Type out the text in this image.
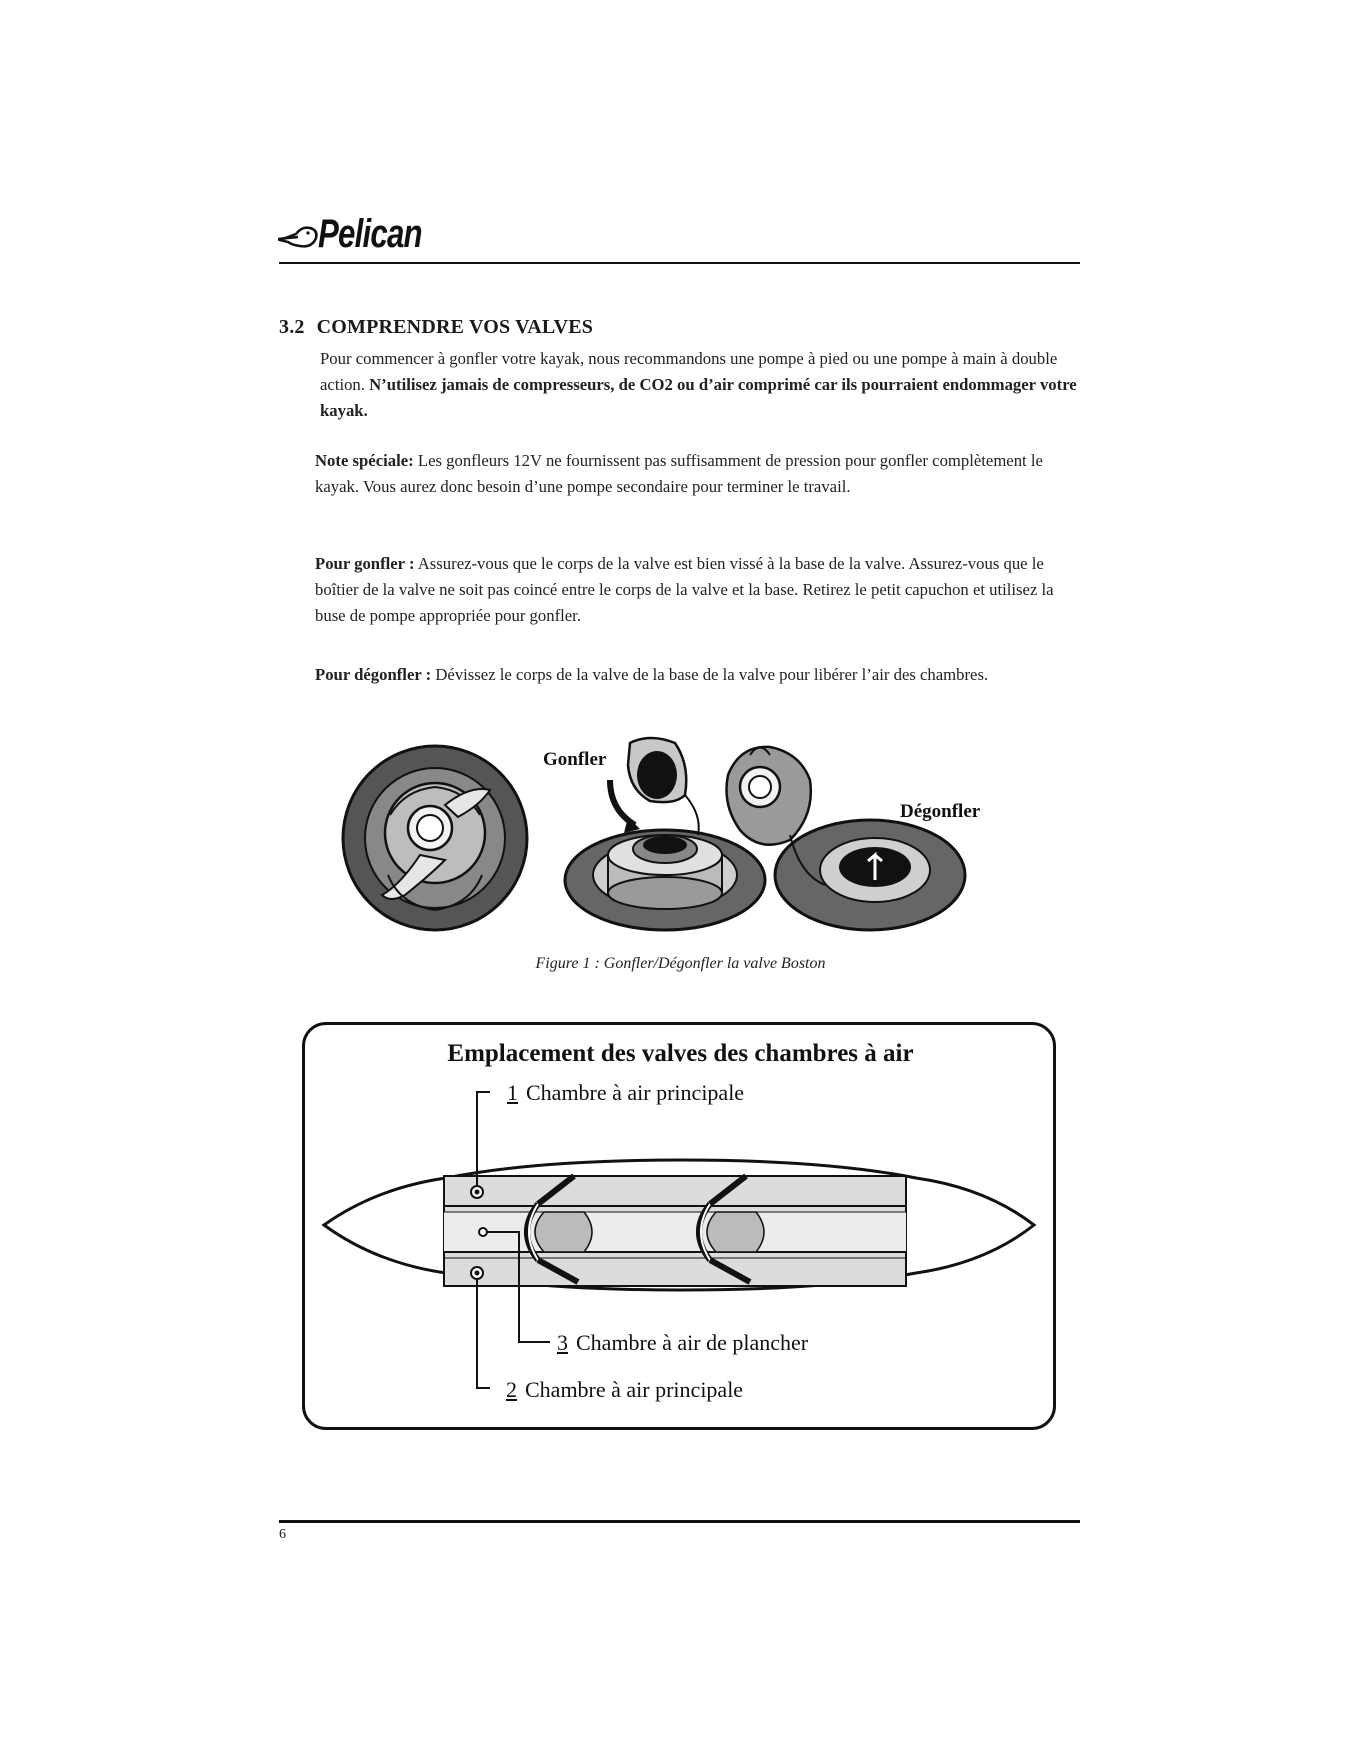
Pelican
3.2 COMPRENDRE VOS VALVES
Pour commencer à gonfler votre kayak, nous recommandons une pompe à pied ou une pompe à main à double action. N’utilisez jamais de compresseurs, de CO2 ou d’air comprimé car ils pourraient endommager votre kayak.
Note spéciale: Les gonfleurs 12V ne fournissent pas suffisamment de pression pour gonfler complètement le kayak. Vous aurez donc besoin d’une pompe secondaire pour terminer le travail.
Pour gonfler : Assurez-vous que le corps de la valve est bien vissé à la base de la valve. Assurez-vous que le boîtier de la valve ne soit pas coincé entre le corps de la valve et la base. Retirez le petit capuchon et utilisez la buse de pompe appropriée pour gonfler.
Pour dégonfler : Dévissez le corps de la valve de la base de la valve pour libérer l’air des chambres.
Gonfler
Dégonfler
Figure 1 : Gonfler/Dégonfler la valve Boston
Emplacement des valves des chambres à air
1 Chambre à air principale
3 Chambre à air de plancher
2 Chambre à air principale
6
